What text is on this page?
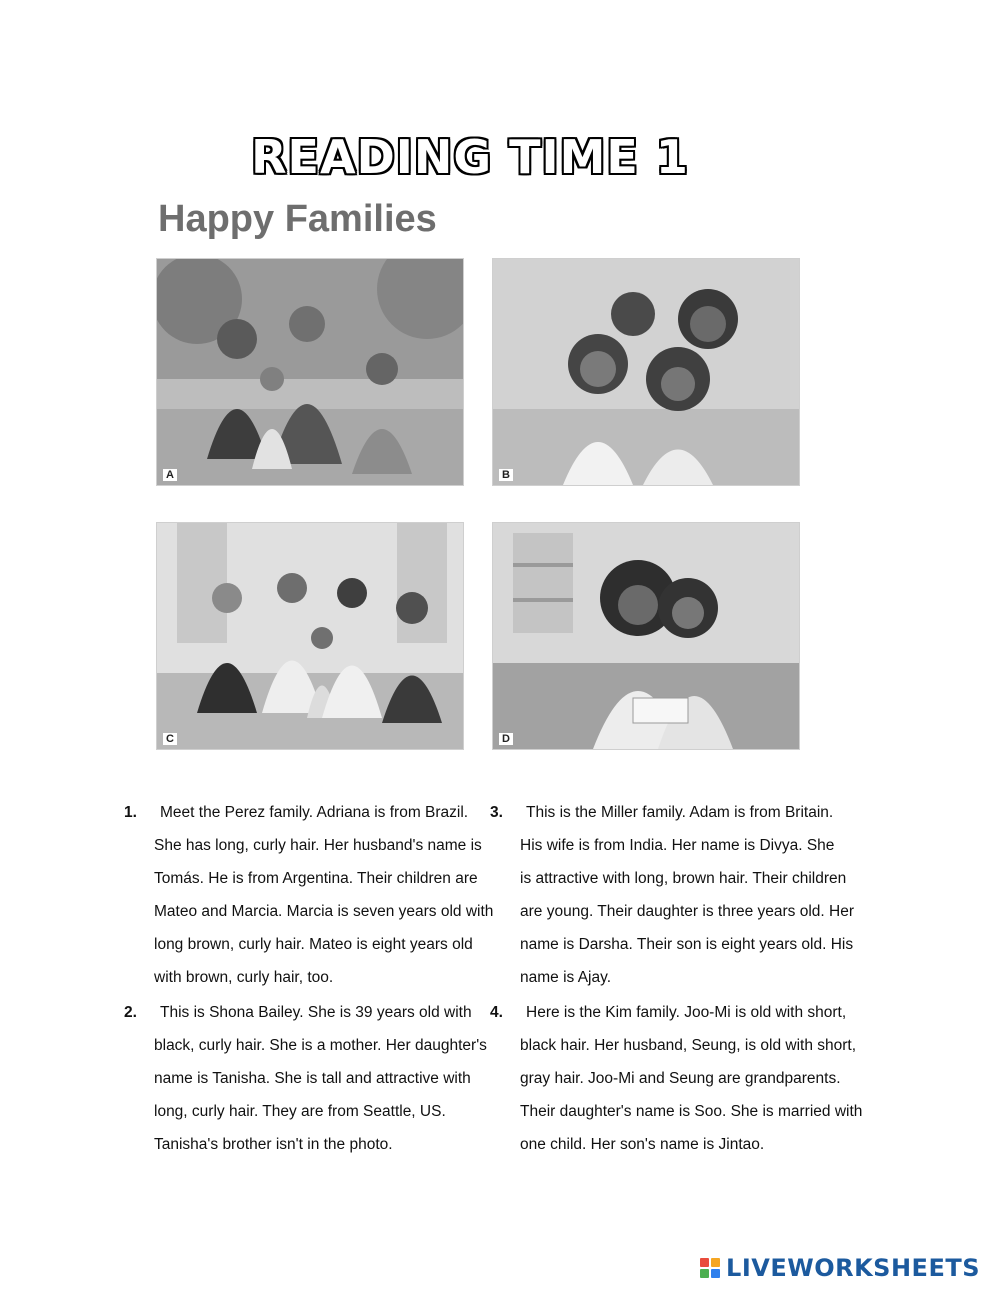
READING TIME 1
Happy Families
A	B
C	D
1.	Meet the Perez family. Adriana is from Brazil.
She has long, curly hair. Her husband's name is
Tomás. He is from Argentina. Their children are
Mateo and Marcia. Marcia is seven years old with
long brown, curly hair. Mateo is eight years old
with brown, curly hair, too.
2.	This is Shona Bailey. She is 39 years old with
black, curly hair. She is a mother. Her daughter's
name is Tanisha. She is tall and attractive with
long, curly hair. They are from Seattle, US.
Tanisha's brother isn't in the photo.
3.	This is the Miller family. Adam is from Britain.
His wife is from India. Her name is Divya. She
is attractive with long, brown hair. Their children
are young. Their daughter is three years old. Her
name is Darsha. Their son is eight years old. His
name is Ajay.
4.	Here is the Kim family. Joo-Mi is old with short,
black hair. Her husband, Seung, is old with short,
gray hair. Joo-Mi and Seung are grandparents.
Their daughter's name is Soo. She is married with
one child. Her son's name is Jintao.
LIVEWORKSHEETS
